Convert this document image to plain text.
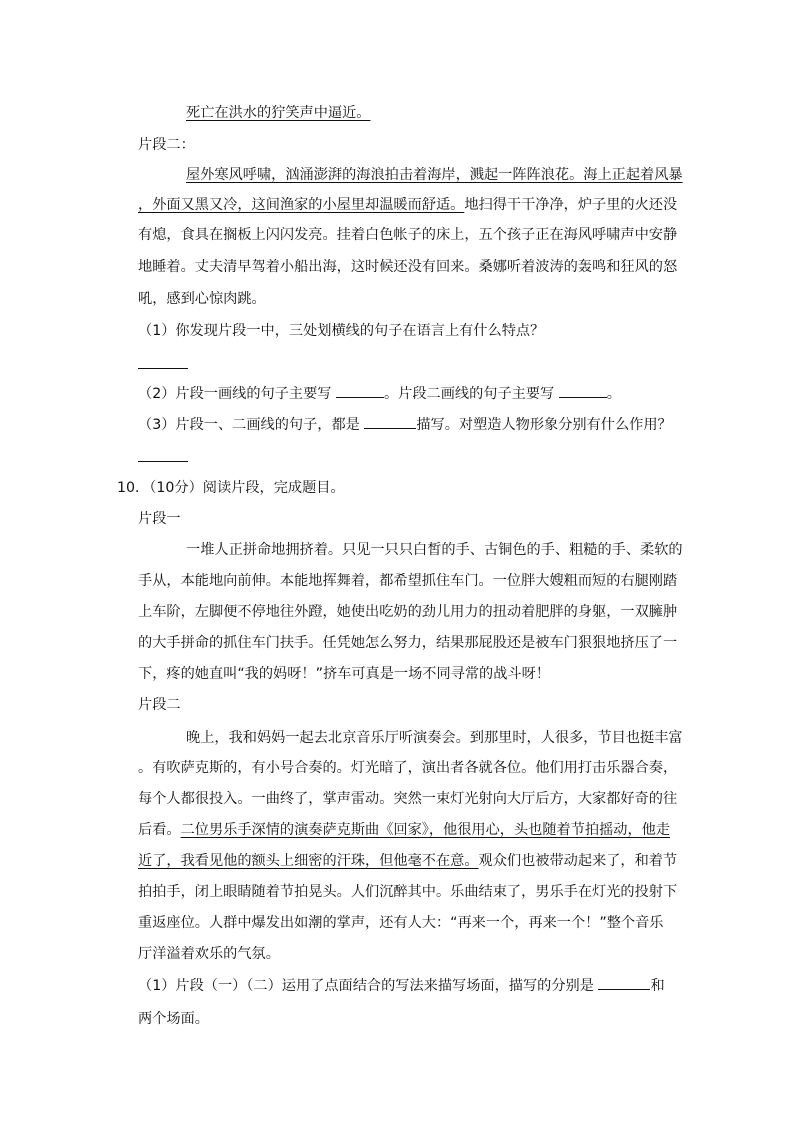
死亡在洪水的狞笑声中逼近。
片段二：
屋外寒风呼啸，汹涌澎湃的海浪拍击着海岸，溅起一阵阵浪花。海上正起着风暴
，外面又黑又冷，这间渔家的小屋里却温暖而舒适。地扫得干干净净，炉子里的火还没
有熄，食具在搁板上闪闪发亮。挂着白色帐子的床上，五个孩子正在海风呼啸声中安静
地睡着。丈夫清早驾着小船出海，这时候还没有回来。桑娜听着波涛的轰鸣和狂风的怒
吼，感到心惊肉跳。
（1）你发现片段一中，三处划横线的句子在语言上有什么特点？
（2）片段一画线的句子主要写	。片段二画线的句子主要写	。
（3）片段一、二画线的句子，都是	描写。对塑造人物形象分别有什么作用？
10．（10分）阅读片段，完成题目。
片段一
一堆人正拼命地拥挤着。只见一只只白皙的手、古铜色的手、粗糙的手、柔软的
手从，本能地向前伸。本能地挥舞着，都希望抓住车门。一位胖大嫂粗而短的右腿刚踏
上车阶，左脚便不停地往外蹬，她使出吃奶的劲儿用力的扭动着肥胖的身躯，一双臃肿
的大手拼命的抓住车门扶手。任凭她怎么努力，结果那屁股还是被车门狠狠地挤压了一
下，疼的她直叫“我的妈呀！”挤车可真是一场不同寻常的战斗呀！
片段二
晚上，我和妈妈一起去北京音乐厅听演奏会。到那里时，人很多，节目也挺丰富
。有吹萨克斯的，有小号合奏的。灯光暗了，演出者各就各位。他们用打击乐器合奏，
每个人都很投入。一曲终了，掌声雷动。突然一束灯光射向大厅后方，大家都好奇的往
后看。二位男乐手深情的演奏萨克斯曲《回家》，他很用心，头也随着节拍摇动，他走
近了，我看见他的额头上细密的汗珠，但他毫不在意。观众们也被带动起来了，和着节
拍拍手，闭上眼睛随着节拍晃头。人们沉醉其中。乐曲结束了，男乐手在灯光的投射下
重返座位。人群中爆发出如潮的掌声，还有人大：“再来一个，再来一个！”整个音乐
厅洋溢着欢乐的气氛。
（1）片段（一）（二）运用了点面结合的写法来描写场面，描写的分别是	和
两个场面。
